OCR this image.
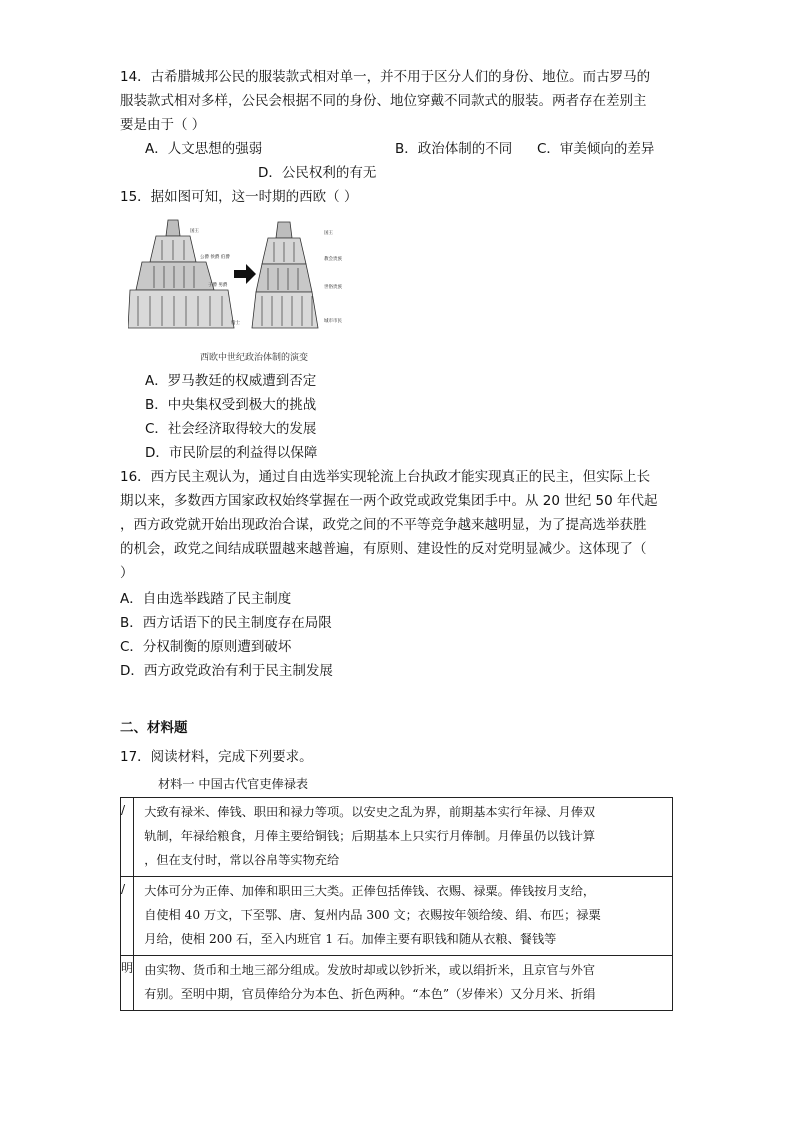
14．古希腊城邦公民的服装款式相对单一，并不用于区分人们的身份、地位。而古罗马的
服装款式相对多样，公民会根据不同的身份、地位穿戴不同款式的服装。两者存在差别主
要是由于（ ）
A．人文思想的强弱	B．政治体制的不同 C．审美倾向的差异
D．公民权利的有无
15．据如图可知，这一时期的西欧（ ）
国王
公爵 侯爵 伯爵
子爵 男爵
骑士
国王
教会贵族
世俗贵族
城市市民
西欧中世纪政治体制的演变
A．罗马教廷的权威遭到否定
B．中央集权受到极大的挑战
C．社会经济取得较大的发展
D．市民阶层的利益得以保障
16．西方民主观认为，通过自由选举实现轮流上台执政才能实现真正的民主，但实际上长
期以来，多数西方国家政权始终掌握在一两个政党或政党集团手中。从 20 世纪 50 年代起
，西方政党就开始出现政治合谋，政党之间的不平等竞争越来越明显，为了提高选举获胜
的机会，政党之间结成联盟越来越普遍，有原则、建设性的反对党明显减少。这体现了（
）
A．自由选举践踏了民主制度
B．西方话语下的民主制度存在局限
C．分权制衡的原则遭到破坏
D．西方政党政治有利于民主制发展
二、材料题
17．阅读材料，完成下列要求。
材料一 中国古代官吏俸禄表
/	大致有禄米、俸钱、职田和禄力等项。以安史之乱为界，前期基本实行年禄、月俸双
轨制，年禄给粮食，月俸主要给铜钱；后期基本上只实行月俸制。月俸虽仍以钱计算
，但在支付时，常以谷帛等实物充给

/	大体可分为正俸、加俸和职田三大类。正俸包括俸钱、衣赐、禄粟。俸钱按月支给，
自使相 40 万文，下至鄂、唐、复州内品 300 文；衣赐按年领给绫、绢、布匹；禄粟
月给，使相 200 石，至入内班官 1 石。加俸主要有职钱和随从衣粮、餐钱等

明	由实物、货币和土地三部分组成。发放时却或以钞折米，或以绢折米，且京官与外官
有别。至明中期，官员俸给分为本色、折色两种。“本色”（岁俸米）又分月米、折绢
